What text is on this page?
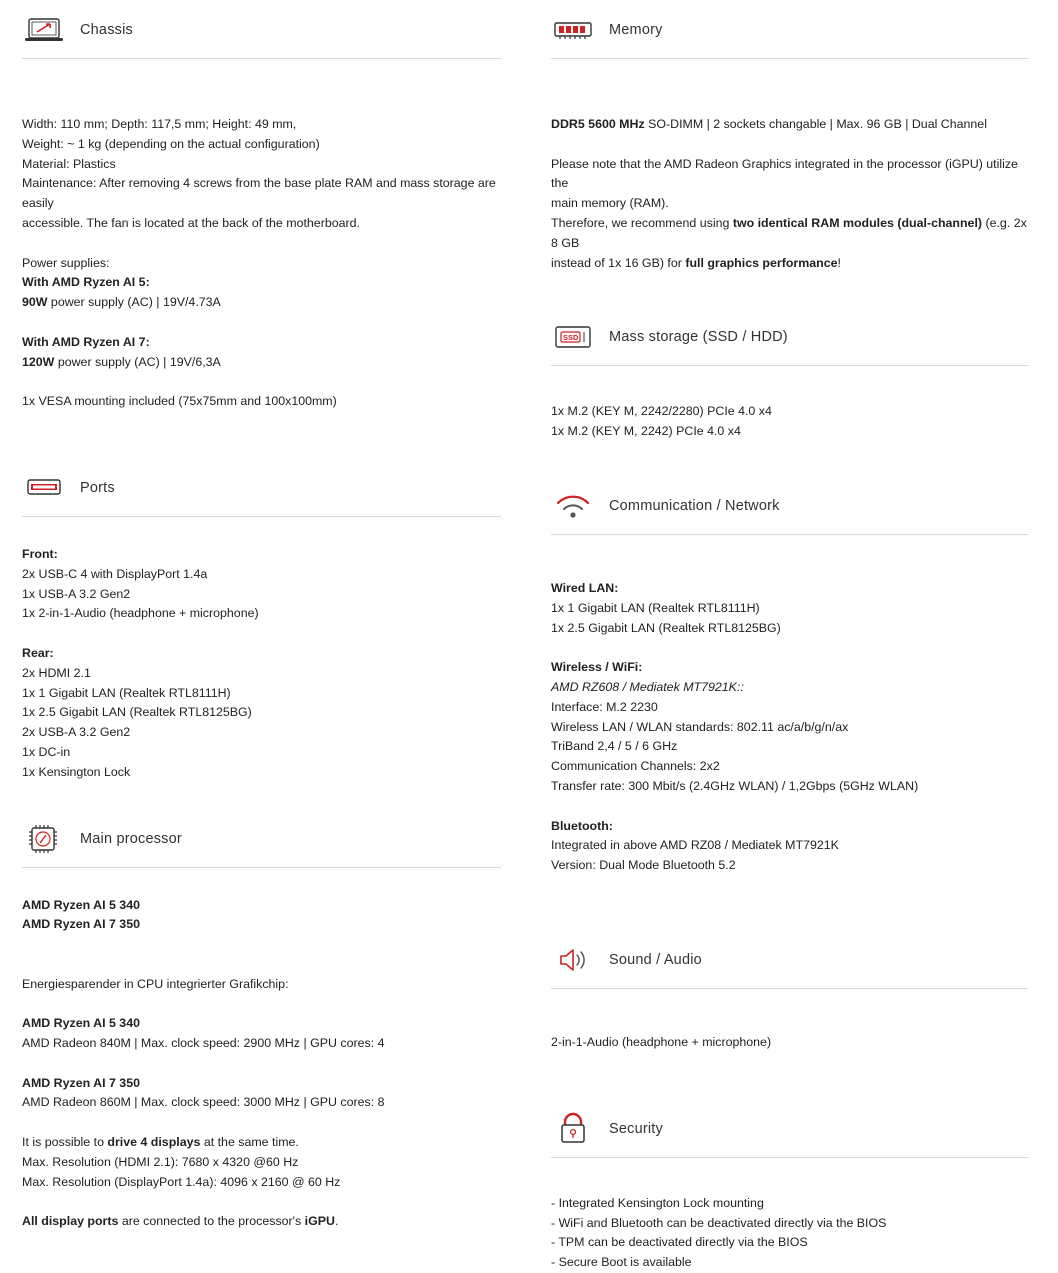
Chassis

Width: 110 mm; Depth: 117,5 mm; Height: 49 mm,

Weight: ~ 1 kg (depending on the actual configuration)

Material: Plastics

Maintenance: After removing 4 screws from the base plate RAM and mass storage are easily

accessible. The fan is located at the back of the motherboard.

Power supplies:

With AMD Ryzen AI 5:

90W power supply (AC) | 19V/4.73A

With AMD Ryzen AI 7:

120W power supply (AC) | 19V/6,3A

1x VESA mounting included (75x75mm and 100x100mm)

Ports

Front:

2x USB-C 4 with DisplayPort 1.4a

1x USB-A 3.2 Gen2

1x 2-in-1-Audio (headphone + microphone)

Rear:

2x HDMI 2.1

1x 1 Gigabit LAN (Realtek RTL8111H)

1x 2.5 Gigabit LAN (Realtek RTL8125BG)

2x USB-A 3.2 Gen2

1x DC-in

1x Kensington Lock

Main processor

AMD Ryzen AI 5 340

AMD Ryzen AI 7 350

Energiesparender in CPU integrierter Grafikchip:

AMD Ryzen AI 5 340

AMD Radeon 840M | Max. clock speed: 2900 MHz | GPU cores: 4

AMD Ryzen AI 7 350

AMD Radeon 860M | Max. clock speed: 3000 MHz | GPU cores: 8

It is possible to drive 4 displays at the same time.

Max. Resolution (HDMI 2.1): 7680 x 4320 @60 Hz

Max. Resolution (DisplayPort 1.4a): 4096 x 2160 @ 60 Hz

All display ports are connected to the processor's iGPU.

Memory

DDR5 5600 MHz SO-DIMM | 2 sockets changable | Max. 96 GB | Dual Channel

Please note that the AMD Radeon Graphics integrated in the processor (iGPU) utilize the

main memory (RAM).

Therefore, we recommend using two identical RAM modules (dual-channel) (e.g. 2x 8 GB

instead of 1x 16 GB) for full graphics performance!

SSD Mass storage (SSD / HDD)

1x M.2 (KEY M, 2242/2280) PCIe 4.0 x4

1x M.2 (KEY M, 2242) PCIe 4.0 x4

Communication / Network

Wired LAN:

1x 1 Gigabit LAN (Realtek RTL8111H)

1x 2.5 Gigabit LAN (Realtek RTL8125BG)

Wireless / WiFi:

AMD RZ608 / Mediatek MT7921K::

Interface: M.2 2230

Wireless LAN / WLAN standards: 802.11 ac/a/b/g/n/ax

TriBand 2,4 / 5 / 6 GHz

Communication Channels: 2x2

Transfer rate: 300 Mbit/s (2.4GHz WLAN) / 1,2Gbps (5GHz WLAN)

Bluetooth:

Integrated in above AMD RZ08 / Mediatek MT7921K

Version: Dual Mode Bluetooth 5.2

Sound / Audio

2-in-1-Audio (headphone + microphone)

Security

- Integrated Kensington Lock mounting

- WiFi and Bluetooth can be deactivated directly via the BIOS

- TPM can be deactivated directly via the BIOS

- Secure Boot is available
